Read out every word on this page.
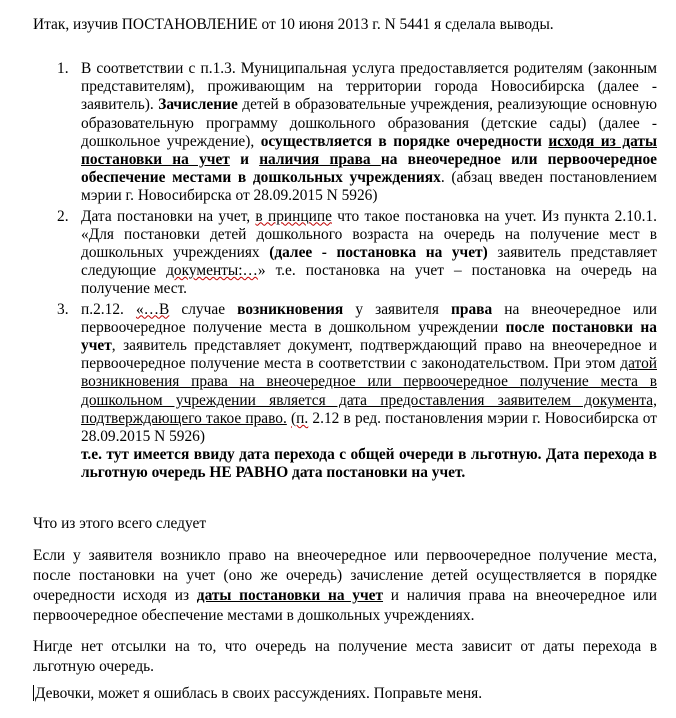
Итак, изучив ПОСТАНОВЛЕНИЕ от 10 июня 2013 г. N 5441 я сделала выводы.
1. В соответствии с п.1.3. Муниципальная услуга предоставляется родителям (законным представителям), проживающим на территории города Новосибирска (далее - заявитель). Зачисление детей в образовательные учреждения, реализующие основную образовательную программу дошкольного образования (детские сады) (далее - дошкольное учреждение), осуществляется в порядке очередности исходя из даты постановки на учет и наличия права на внеочередное или первоочередное обеспечение местами в дошкольных учреждениях. (абзац введен постановлением мэрии г. Новосибирска от 28.09.2015 N 5926)
2. Дата постановки на учет, в принципе что такое постановка на учет. Из пункта 2.10.1. «Для постановки детей дошкольного возраста на очередь на получение мест в дошкольных учреждениях (далее - постановка на учет) заявитель представляет следующие документы:…» т.е. постановка на учет – постановка на очередь на получение мест.
3. п.2.12. «…В случае возникновения у заявителя права на внеочередное или первоочередное получение места в дошкольном учреждении после постановки на учет, заявитель представляет документ, подтверждающий право на внеочередное и первоочередное получение места в соответствии с законодательством. При этом датой возникновения права на внеочередное или первоочередное получение места в дошкольном учреждении является дата предоставления заявителем документа, подтверждающего такое право. (п. 2.12 в ред. постановления мэрии г. Новосибирска от 28.09.2015 N 5926)
т.е. тут имеется ввиду дата перехода с общей очереди в льготную. Дата перехода в льготную очередь НЕ РАВНО дата постановки на учет.

Что из этого всего следует

Если у заявителя возникло право на внеочередное или первоочередное получение места, после постановки на учет (оно же очередь) зачисление детей осуществляется в порядке очередности исходя из даты постановки на учет и наличия права на внеочередное или первоочередное обеспечение местами в дошкольных учреждениях.

Нигде нет отсылки на то, что очередь на получение места зависит от даты перехода в льготную очередь.

Девочки, может я ошиблась в своих рассуждениях. Поправьте меня.
